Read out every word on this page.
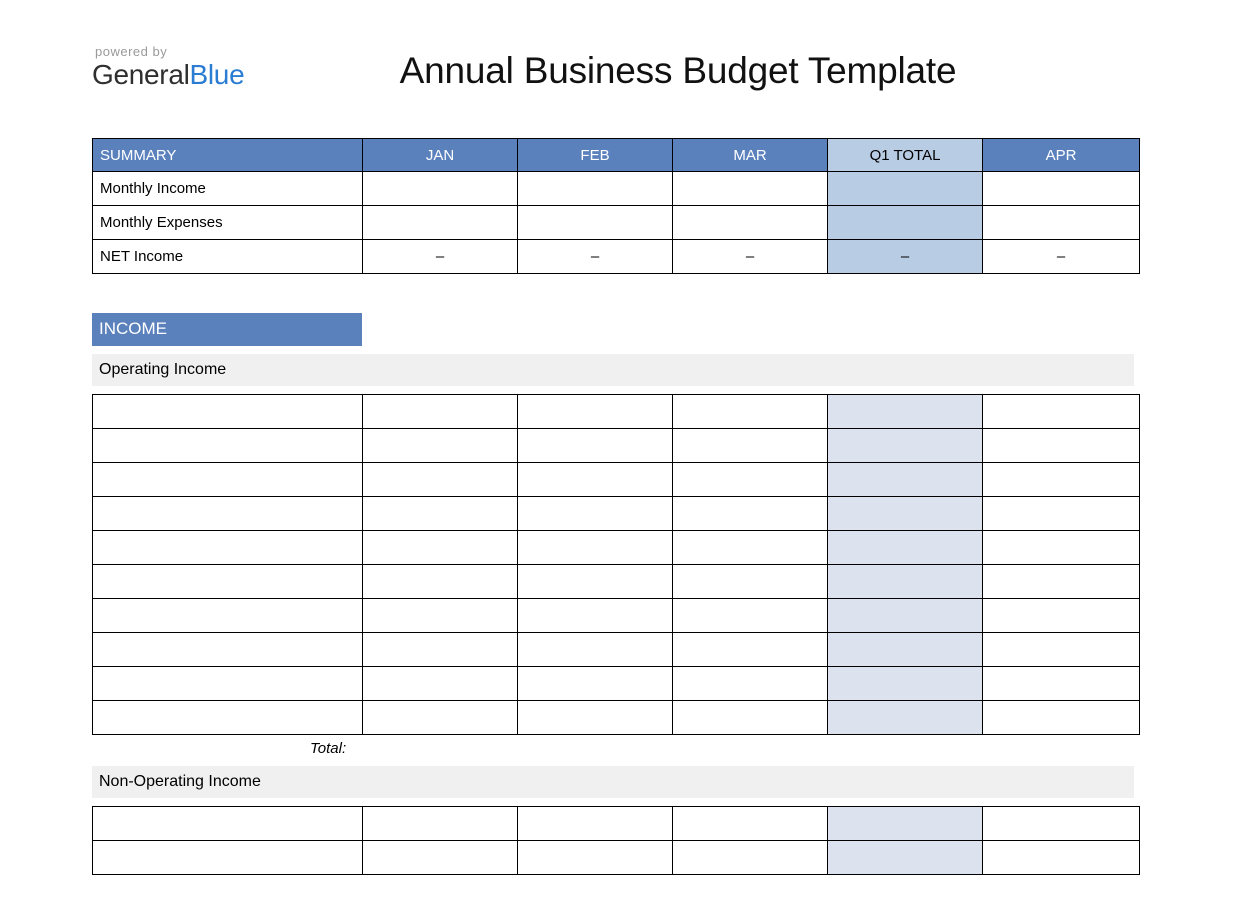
powered by
GeneralBlue	Annual Business Budget Template
SUMMARY	JAN	FEB	MAR	Q1 TOTAL	APR
Monthly Income					
Monthly Expenses					
NET Income	–	–	–	–	–
INCOME
Operating Income

Total:
Non-Operating Income
